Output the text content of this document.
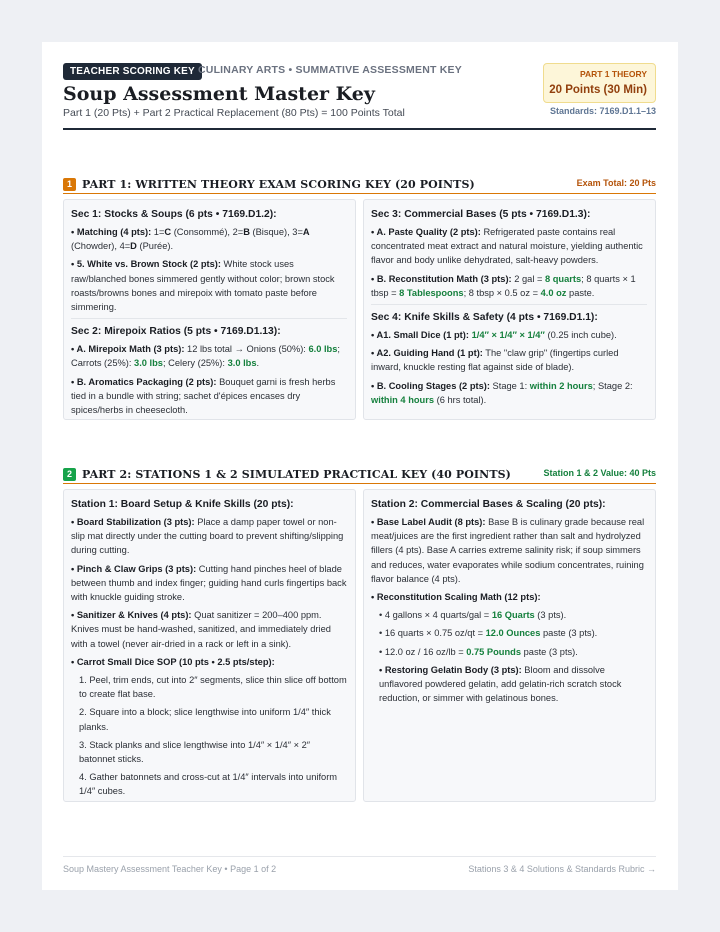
TEACHER SCORING KEY CULINARY ARTS • SUMMATIVE ASSESSMENT KEY
Soup Assessment Master Key
Part 1 (20 Pts) + Part 2 Practical Replacement (80 Pts) = 100 Points Total
PART 1 THEORY
20 Points (30 Min)
Standards: 7169.D1.1–13
1 PART 1: WRITTEN THEORY EXAM SCORING KEY (20 POINTS)	Exam Total: 20 Pts
Sec 1: Stocks & Soups (6 pts • 7169.D1.2):

• Matching (4 pts): 1=C (Consommé), 2=B (Bisque), 3=A (Chowder), 4=D (Purée).

• 5. White vs. Brown Stock (2 pts): White stock uses raw/blanched bones simmered gently without color; brown stock roasts/browns bones and mirepoix with tomato paste before simmering.

Sec 2: Mirepoix Ratios (5 pts • 7169.D1.13):

• A. Mirepoix Math (3 pts): 12 lbs total → Onions (50%): 6.0 lbs; Carrots (25%): 3.0 lbs; Celery (25%): 3.0 lbs.

• B. Aromatics Packaging (2 pts): Bouquet garni is fresh herbs tied in a bundle with string; sachet d'épices encases dry spices/herbs in cheesecloth.

Sec 3: Commercial Bases (5 pts • 7169.D1.3):

• A. Paste Quality (2 pts): Refrigerated paste contains real concentrated meat extract and natural moisture, yielding authentic flavor and body unlike dehydrated, salt-heavy powders.

• B. Reconstitution Math (3 pts): 2 gal = 8 quarts; 8 quarts × 1 tbsp = 8 Tablespoons; 8 tbsp × 0.5 oz = 4.0 oz paste.

Sec 4: Knife Skills & Safety (4 pts • 7169.D1.1):

• A1. Small Dice (1 pt): 1/4″ × 1/4″ × 1/4″ (0.25 inch cube).

• A2. Guiding Hand (1 pt): The "claw grip" (fingertips curled inward, knuckle resting flat against side of blade).

• B. Cooling Stages (2 pts): Stage 1: within 2 hours; Stage 2: within 4 hours (6 hrs total).

2 PART 2: STATIONS 1 & 2 SIMULATED PRACTICAL KEY (40 POINTS)	Station 1 & 2 Value: 40 Pts
Station 1: Board Setup & Knife Skills (20 pts):

• Board Stabilization (3 pts): Place a damp paper towel or non-slip mat directly under the cutting board to prevent shifting/slipping during cutting.

• Pinch & Claw Grips (3 pts): Cutting hand pinches heel of blade between thumb and index finger; guiding hand curls fingertips back with knuckle guiding stroke.

• Sanitizer & Knives (4 pts): Quat sanitizer = 200–400 ppm. Knives must be hand-washed, sanitized, and immediately dried with a towel (never air-dried in a rack or left in a sink).

• Carrot Small Dice SOP (10 pts • 2.5 pts/step):

1. Peel, trim ends, cut into 2″ segments, slice thin slice off bottom to create flat base.

2. Square into a block; slice lengthwise into uniform 1/4″ thick planks.

3. Stack planks and slice lengthwise into 1/4″ × 1/4″ × 2″ batonnet sticks.

4. Gather batonnets and cross-cut at 1/4″ intervals into uniform 1/4″ cubes.

Station 2: Commercial Bases & Scaling (20 pts):

• Base Label Audit (8 pts): Base B is culinary grade because real meat/juices are the first ingredient rather than salt and hydrolyzed fillers (4 pts). Base A carries extreme salinity risk; if soup simmers and reduces, water evaporates while sodium concentrates, ruining flavor balance (4 pts).

• Reconstitution Scaling Math (12 pts):

• 4 gallons × 4 quarts/gal = 16 Quarts (3 pts).

• 16 quarts × 0.75 oz/qt = 12.0 Ounces paste (3 pts).

• 12.0 oz / 16 oz/lb = 0.75 Pounds paste (3 pts).

• Restoring Gelatin Body (3 pts): Bloom and dissolve unflavored powdered gelatin, add gelatin-rich scratch stock reduction, or simmer with gelatinous bones.

Soup Mastery Assessment Teacher Key • Page 1 of 2	Stations 3 & 4 Solutions & Standards Rubric →
